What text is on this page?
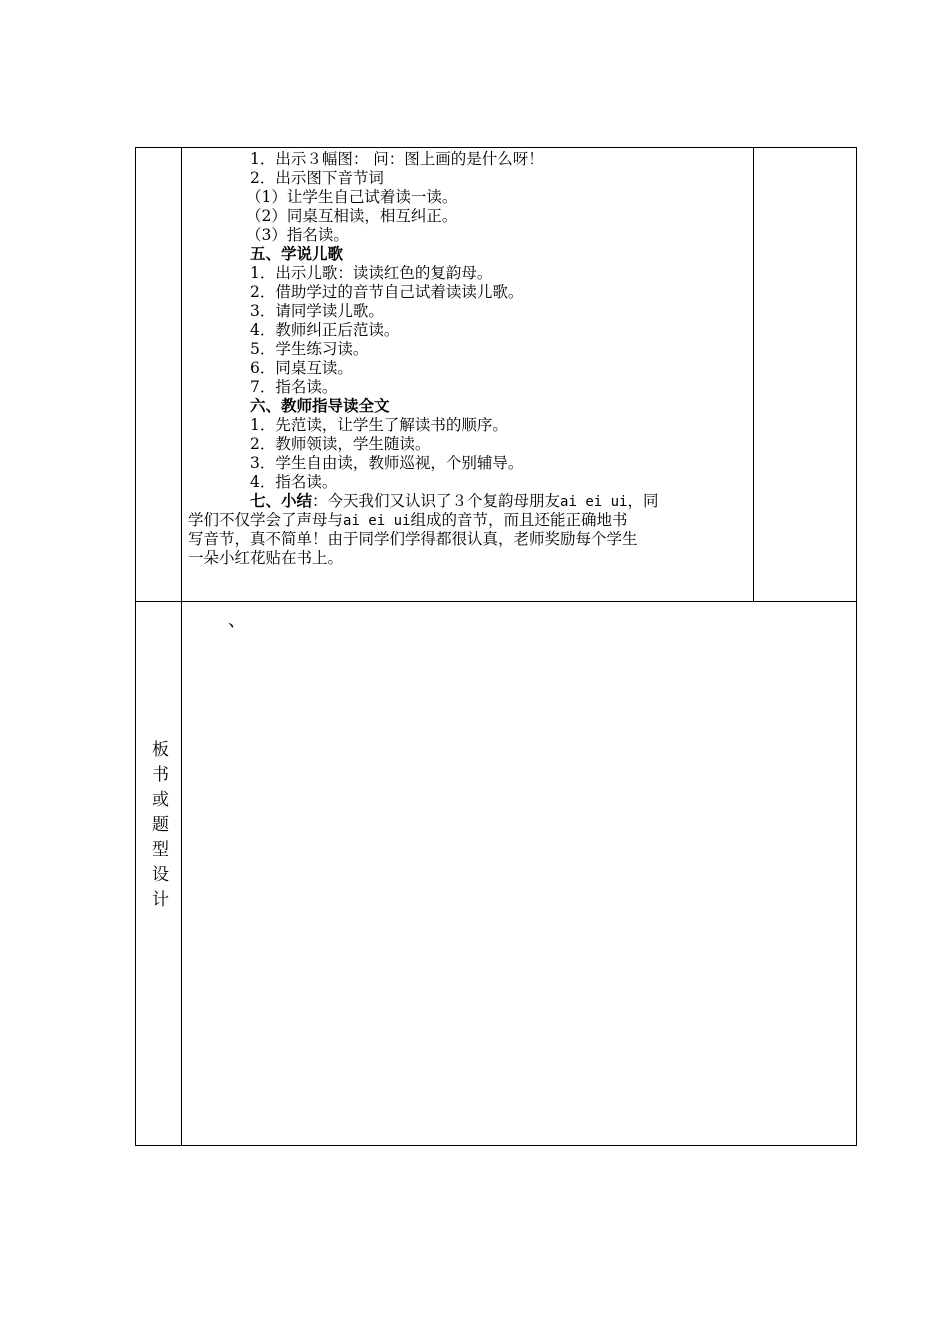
1．出示３幅图： 问：图上画的是什么呀！
2．出示图下音节词
（1）让学生自己试着读一读。
（2）同桌互相读，相互纠正。
（3）指名读。
五、学说儿歌
1．出示儿歌：读读红色的复韵母。
2．借助学过的音节自己试着读读儿歌。
3．请同学读儿歌。
4．教师纠正后范读。
5．学生练习读。
6．同桌互读。
7．指名读。
六、教师指导读全文
1．先范读，让学生了解读书的顺序。
2．教师领读，学生随读。
3．学生自由读，教师巡视，个别辅导。
4．指名读。
七、小结：今天我们又认识了３个复韵母朋友ai ei ui，同
学们不仅学会了声母与ai ei ui组成的音节，而且还能正确地书
写音节，真不简单！由于同学们学得都很认真，老师奖励每个学生
一朵小红花贴在书上。
、
板书或题型设计
